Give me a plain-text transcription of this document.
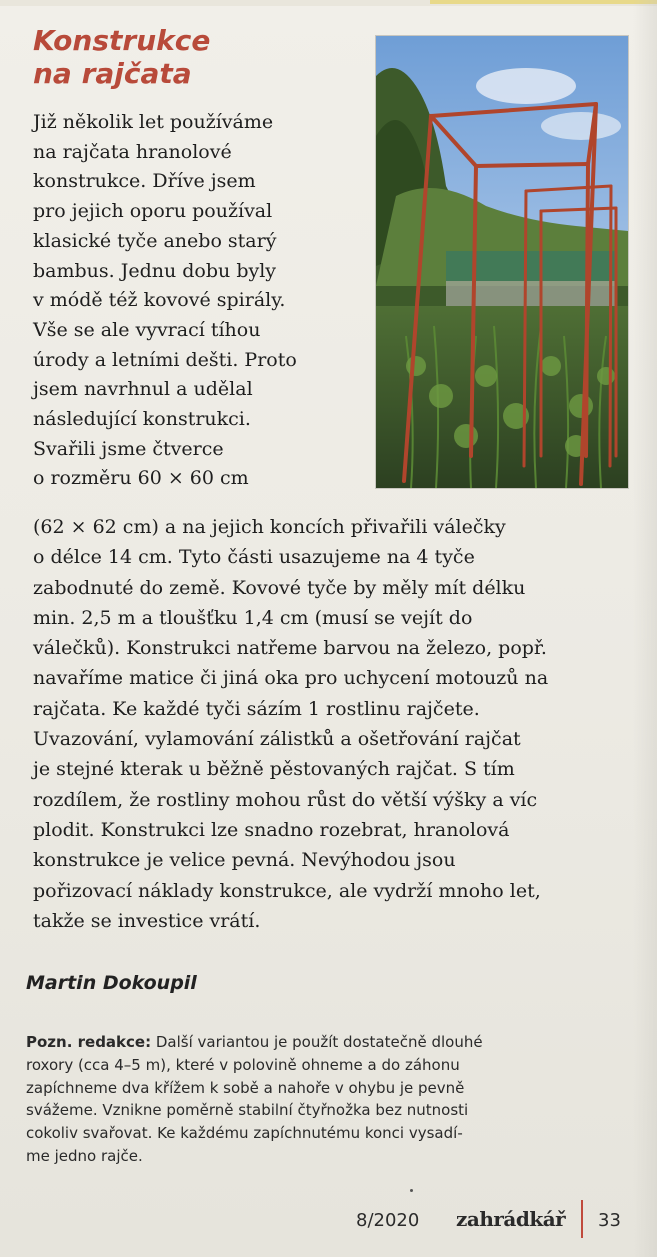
Konstrukce
na rajčata

Již několik let používáme
na rajčata hranolové
konstrukce. Dříve jsem
pro jejich oporu používal
klasické tyče anebo starý
bambus. Jednu dobu byly
v módě též kovové spirály.
Vše se ale vyvrací tíhou
úrody a letními dešti. Proto
jsem navrhnul a udělal
následující konstrukci.
Svařili jsme čtverce
o rozměru 60 × 60 cm

(62 × 62 cm) a na jejich koncích přivařili válečky
o délce 14 cm. Tyto části usazujeme na 4 tyče
zabodnuté do země. Kovové tyče by měly mít délku
min. 2,5 m a tloušťku 1,4 cm (musí se vejít do
válečků). Konstrukci natřeme barvou na železo, popř.
navaříme matice či jiná oka pro uchycení motouzů na
rajčata. Ke každé tyči sázím 1 rostlinu rajčete.
Uvazování, vylamování zálistků a ošetřování rajčat
je stejné kterak u běžně pěstovaných rajčat. S tím
rozdílem, že rostliny mohou růst do větší výšky a víc
plodit. Konstrukci lze snadno rozebrat, hranolová
konstrukce je velice pevná. Nevýhodou jsou
pořizovací náklady konstrukce, ale vydrží mnoho let,
takže se investice vrátí.

Martin Dokoupil

Pozn. redakce: Další variantou je použít dostatečně dlouhé
roxory (cca 4–5 m), které v polovině ohneme a do záhonu
zapíchneme dva křížem k sobě a nahoře v ohybu je pevně
svážeme. Vznikne poměrně stabilní čtyřnožka bez nutnosti
cokoliv svařovat. Ke každému zapíchnutému konci vysadí-
me jedno rajče.

8/2020 zahrádkář 33
